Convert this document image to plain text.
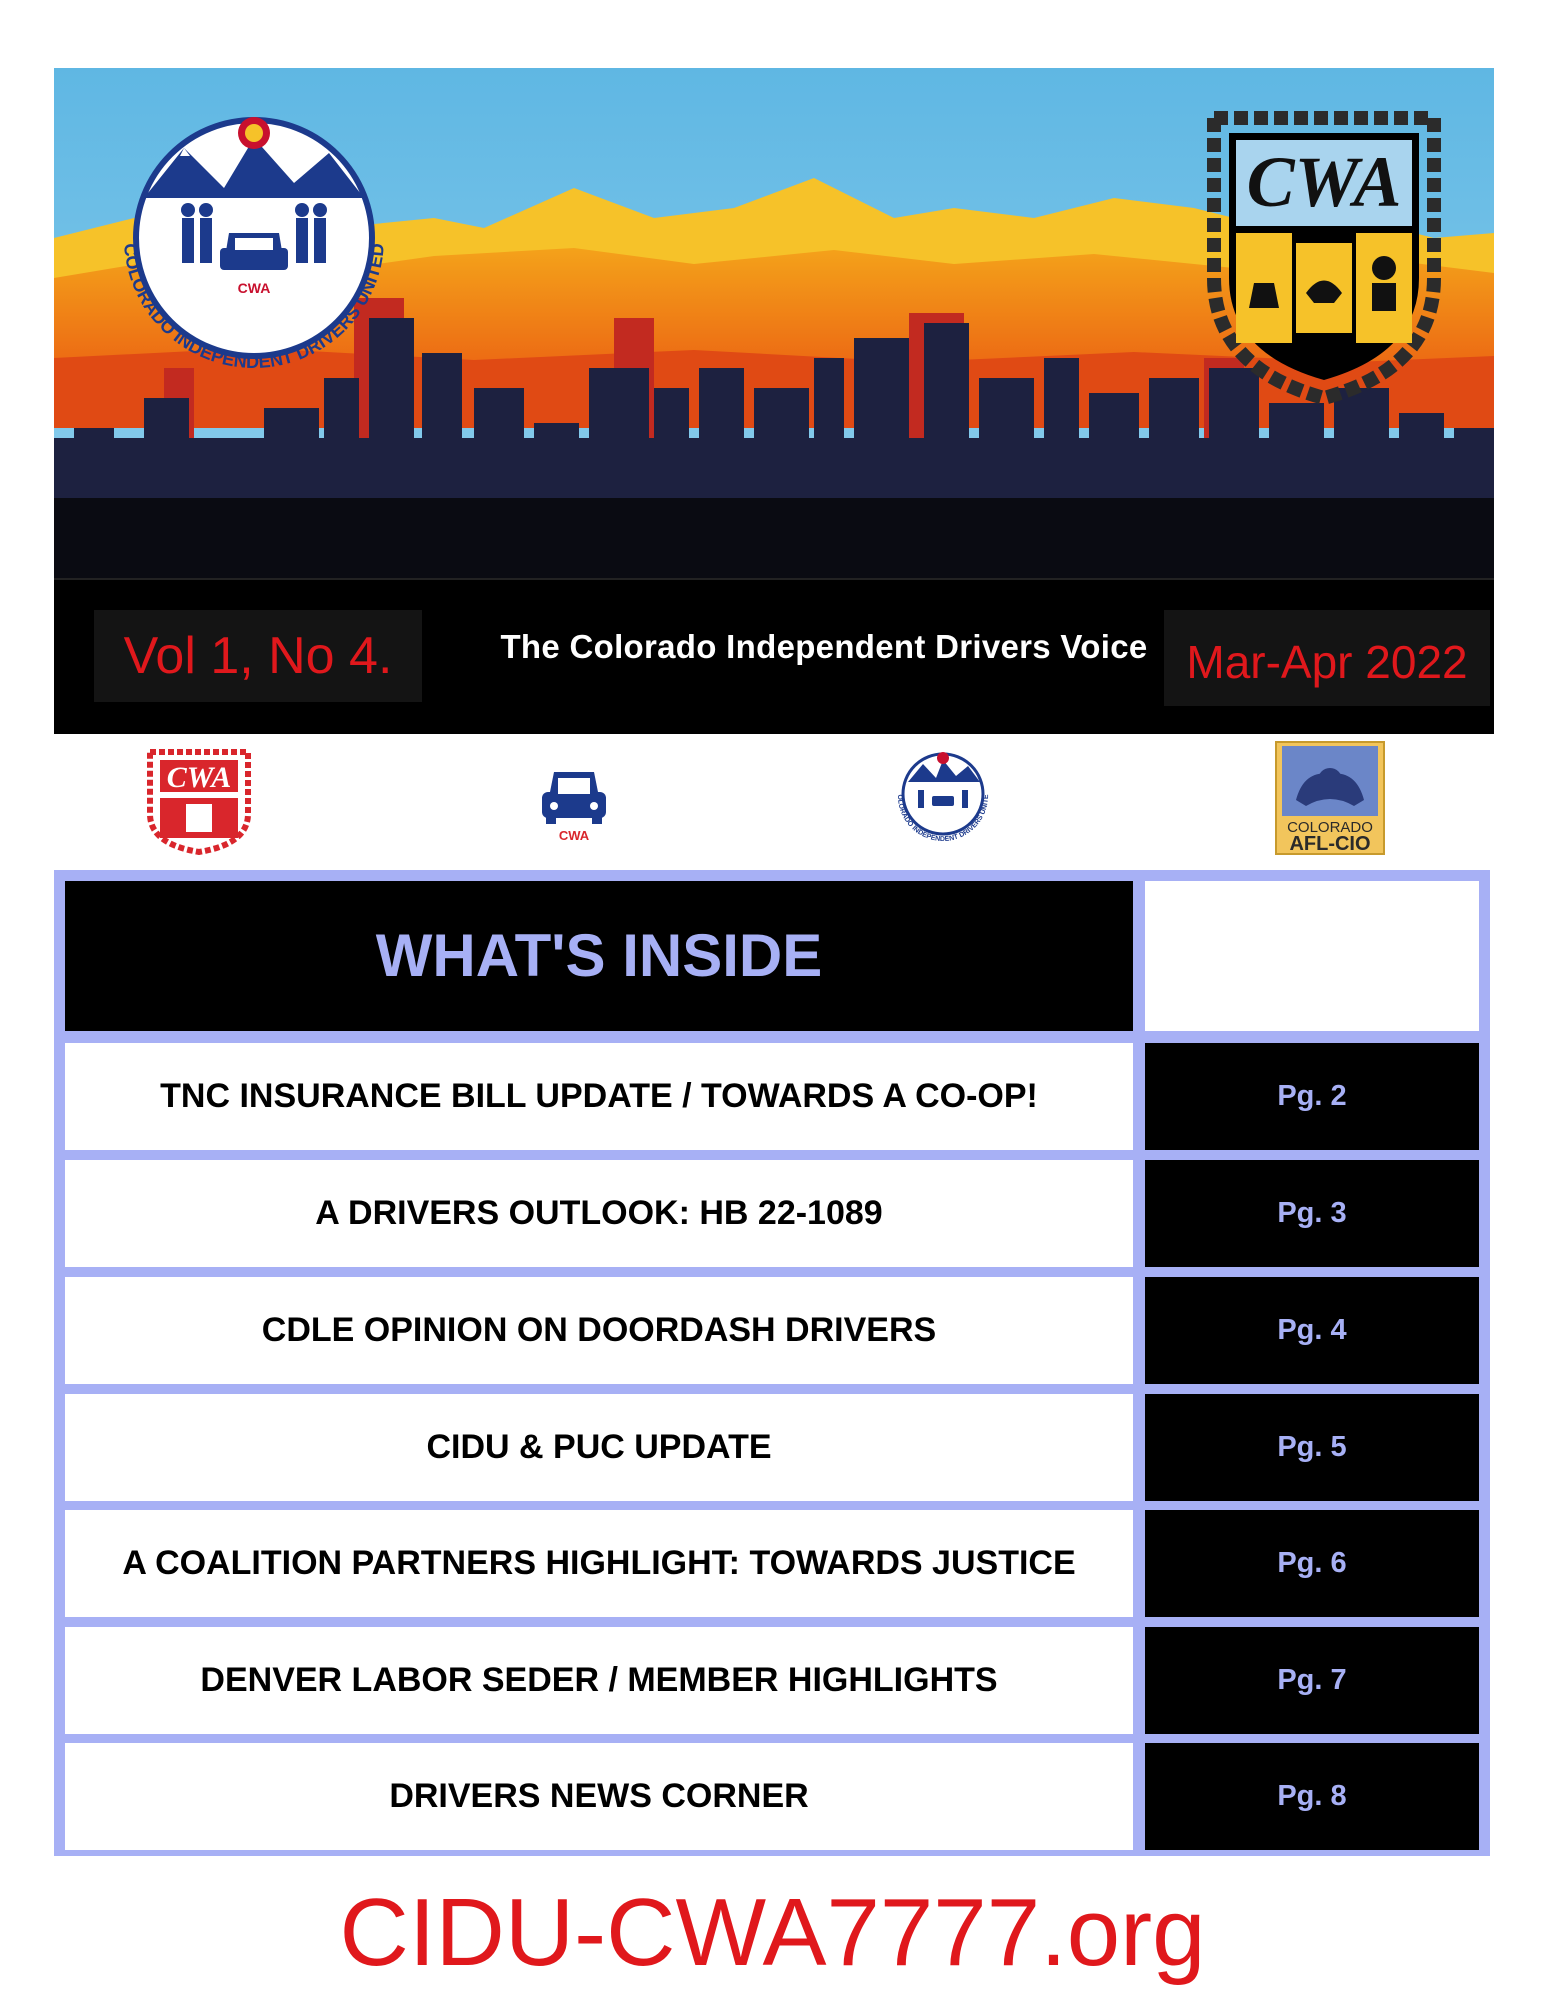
CWA
COLORADO INDEPENDENT DRIVERS UNITED
CWA
Vol 1, No 4.	The Colorado Independent Drivers Voice Mar-Apr 2022
CWA
CWA
OLORADO INDEPENDENT DRIVERS UNITE
COLORADO
AFL-CIO
WHAT'S INSIDE
TNC INSURANCE BILL UPDATE / TOWARDS A CO-OP!	Pg. 2
A DRIVERS OUTLOOK: HB 22-1089	Pg. 3
CDLE OPINION ON DOORDASH DRIVERS	Pg. 4
CIDU & PUC UPDATE	Pg. 5
A COALITION PARTNERS HIGHLIGHT: TOWARDS JUSTICE	Pg. 6
DENVER LABOR SEDER / MEMBER HIGHLIGHTS	Pg. 7
DRIVERS NEWS CORNER	Pg. 8
CIDU-CWA7777.org
